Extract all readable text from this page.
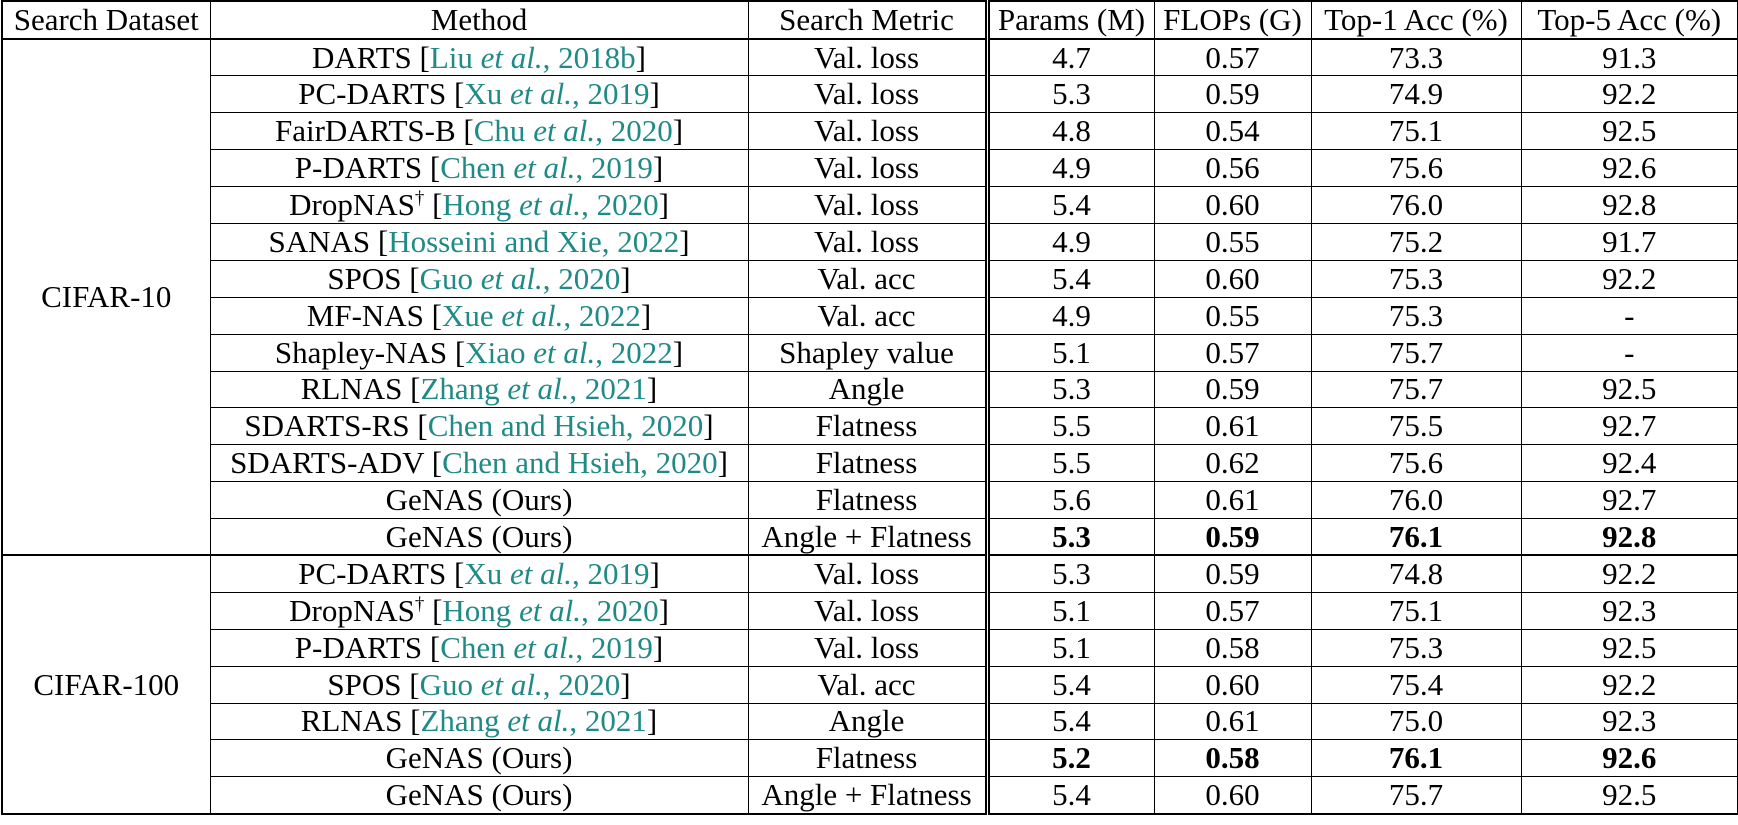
Search Dataset	Method	Search Metric	Params (M)	FLOPs (G)	Top-1 Acc (%)	Top-5 Acc (%)
CIFAR-10	DARTS [Liu et al., 2018b]	Val. loss	4.7	0.57	73.3	91.3
	PC-DARTS [Xu et al., 2019]	Val. loss	5.3	0.59	74.9	92.2
	FairDARTS-B [Chu et al., 2020]	Val. loss	4.8	0.54	75.1	92.5
	P-DARTS [Chen et al., 2019]	Val. loss	4.9	0.56	75.6	92.6
	DropNAS† [Hong et al., 2020]	Val. loss	5.4	0.60	76.0	92.8
	SANAS [Hosseini and Xie, 2022]	Val. loss	4.9	0.55	75.2	91.7
	SPOS [Guo et al., 2020]	Val. acc	5.4	0.60	75.3	92.2
	MF-NAS [Xue et al., 2022]	Val. acc	4.9	0.55	75.3	-
	Shapley-NAS [Xiao et al., 2022]	Shapley value	5.1	0.57	75.7	-
	RLNAS [Zhang et al., 2021]	Angle	5.3	0.59	75.7	92.5
	SDARTS-RS [Chen and Hsieh, 2020]	Flatness	5.5	0.61	75.5	92.7
	SDARTS-ADV [Chen and Hsieh, 2020]	Flatness	5.5	0.62	75.6	92.4
	GeNAS (Ours)	Flatness	5.6	0.61	76.0	92.7
	GeNAS (Ours)	Angle + Flatness	5.3	0.59	76.1	92.8
CIFAR-100	PC-DARTS [Xu et al., 2019]	Val. loss	5.3	0.59	74.8	92.2
	DropNAS† [Hong et al., 2020]	Val. loss	5.1	0.57	75.1	92.3
	P-DARTS [Chen et al., 2019]	Val. loss	5.1	0.58	75.3	92.5
	SPOS [Guo et al., 2020]	Val. acc	5.4	0.60	75.4	92.2
	RLNAS [Zhang et al., 2021]	Angle	5.4	0.61	75.0	92.3
	GeNAS (Ours)	Flatness	5.2	0.58	76.1	92.6
	GeNAS (Ours)	Angle + Flatness	5.4	0.60	75.7	92.5
